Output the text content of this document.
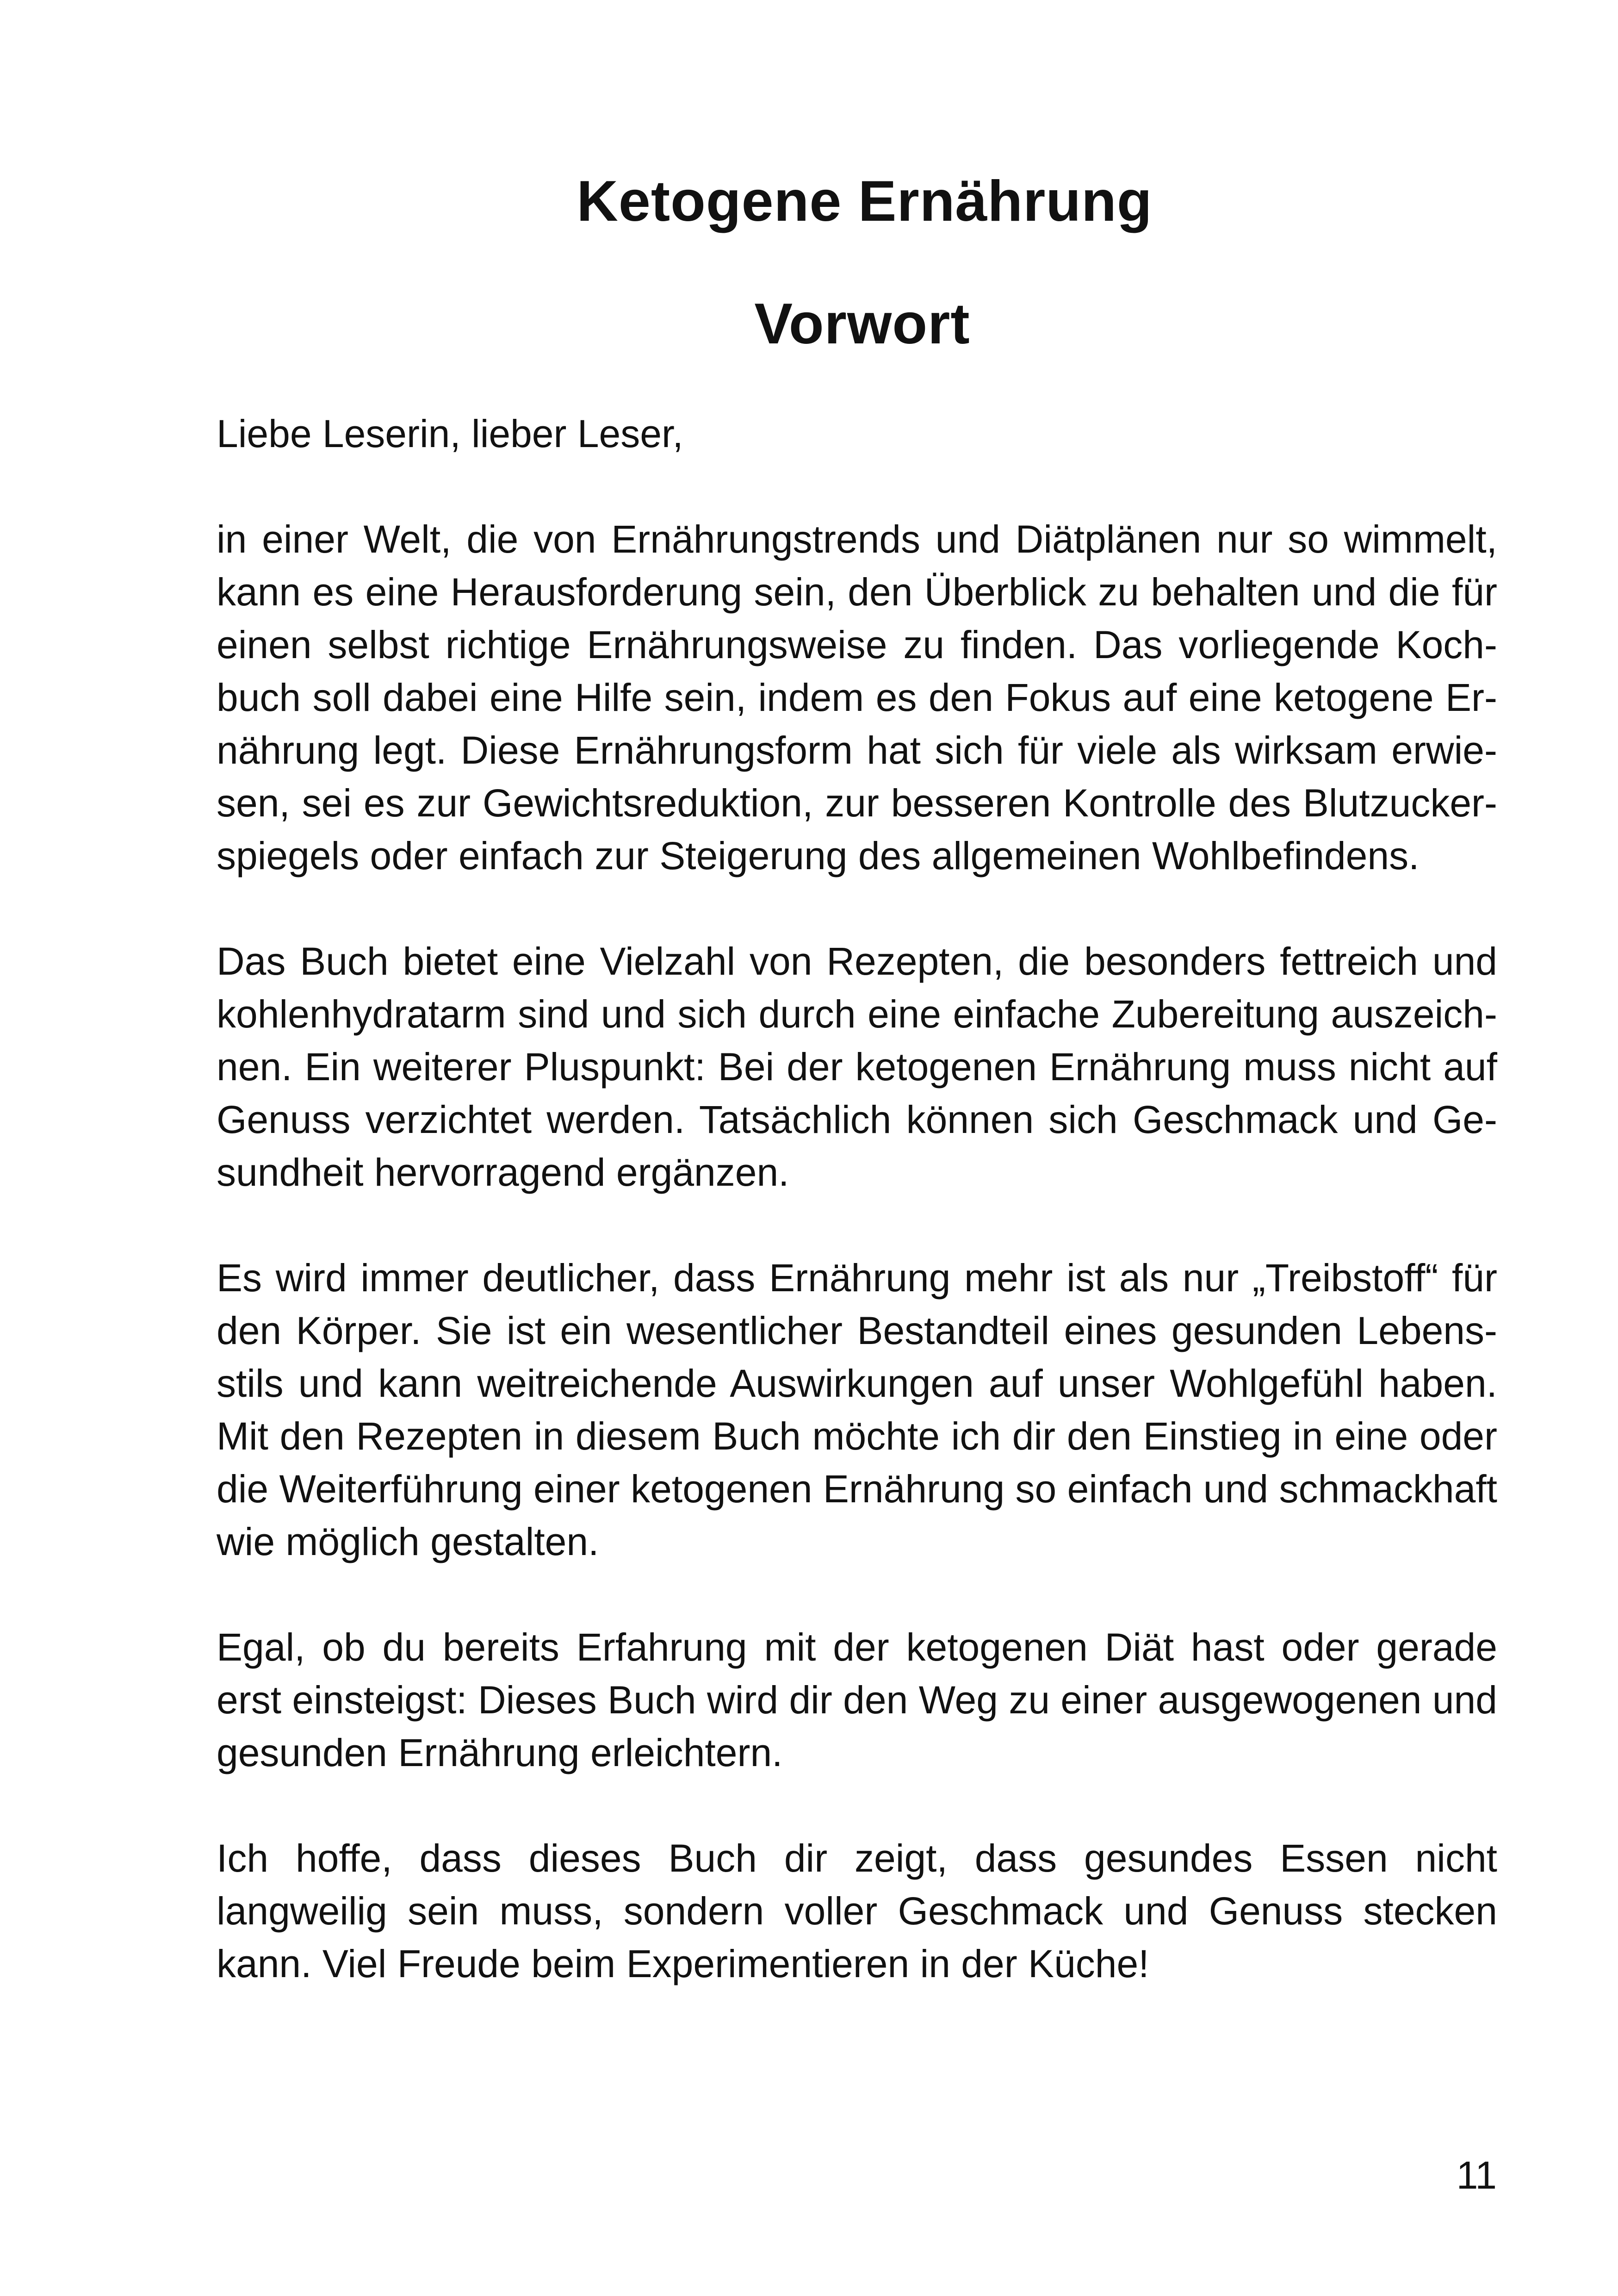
Ketogene Ernährung
Vorwort

Liebe Leserin, lieber Leser,

in einer Welt, die von Ernährungstrends und Diätplänen nur so wimmelt, kann es eine Herausforderung sein, den Überblick zu behalten und die für einen selbst richtige Ernährungsweise zu finden. Das vorliegende Kochbuch soll dabei eine Hilfe sein, indem es den Fokus auf eine ketogene Ernährung legt. Diese Ernährungsform hat sich für viele als wirksam erwiesen, sei es zur Gewichtsreduktion, zur besseren Kontrolle des Blutzuckerspiegels oder einfach zur Steigerung des allgemeinen Wohlbefindens.

Das Buch bietet eine Vielzahl von Rezepten, die besonders fettreich und kohlenhydratarm sind und sich durch eine einfache Zubereitung auszeichnen. Ein weiterer Pluspunkt: Bei der ketogenen Ernährung muss nicht auf Genuss verzichtet werden. Tatsächlich können sich Geschmack und Gesundheit hervorragend ergänzen.

Es wird immer deutlicher, dass Ernährung mehr ist als nur „Treibstoff“ für den Körper. Sie ist ein wesentlicher Bestandteil eines gesunden Lebensstils und kann weitreichende Auswirkungen auf unser Wohlgefühl haben. Mit den Rezepten in diesem Buch möchte ich dir den Einstieg in eine oder die Weiterführung einer ketogenen Ernährung so einfach und schmackhaft wie möglich gestalten.

Egal, ob du bereits Erfahrung mit der ketogenen Diät hast oder gerade erst einsteigst: Dieses Buch wird dir den Weg zu einer ausgewogenen und gesunden Ernährung erleichtern.

Ich hoffe, dass dieses Buch dir zeigt, dass gesundes Essen nicht langweilig sein muss, sondern voller Geschmack und Genuss stecken kann. Viel Freude beim Experimentieren in der Küche!

11
